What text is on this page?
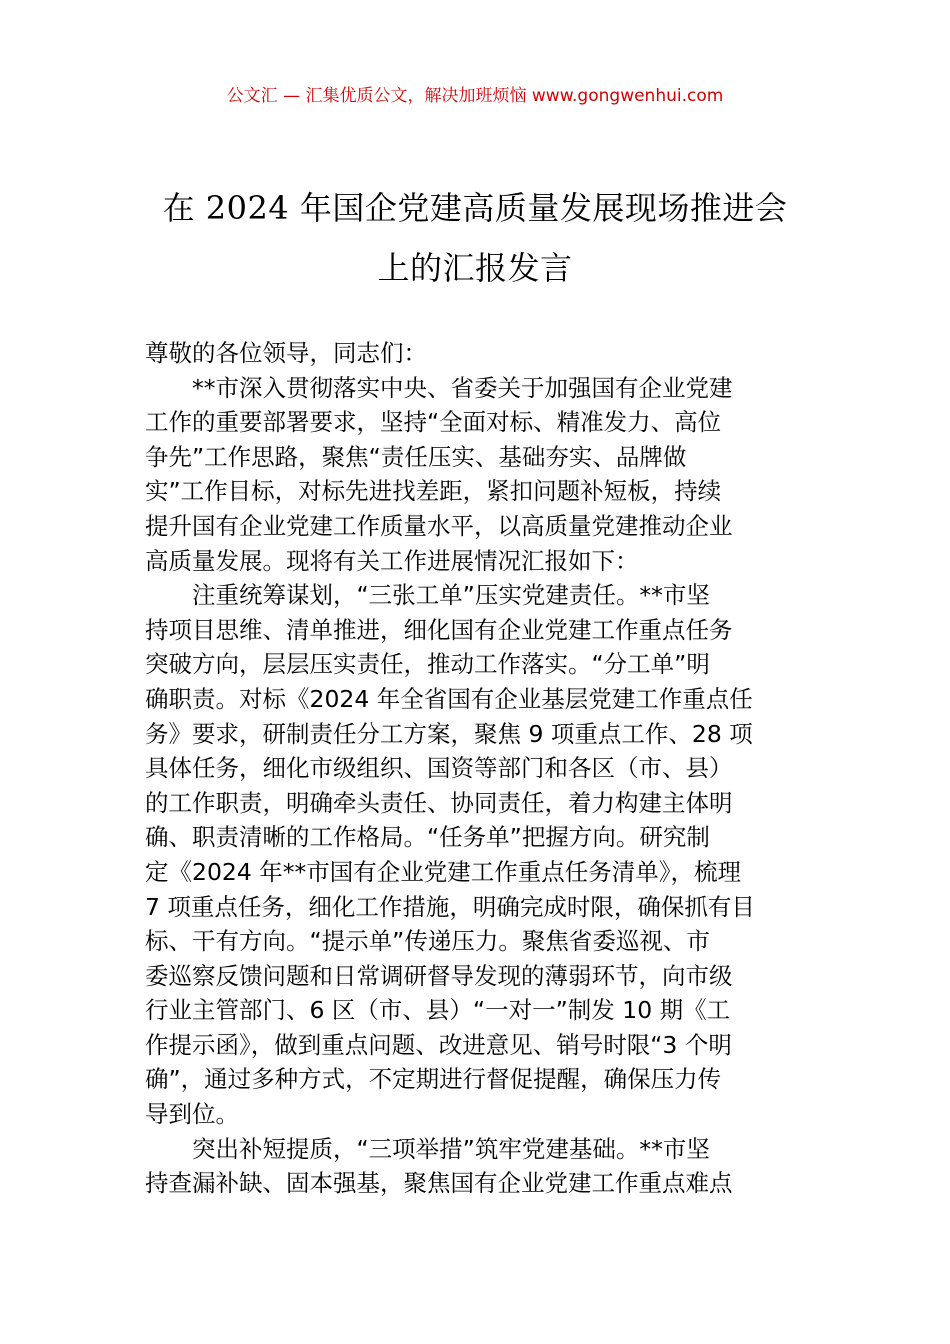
公文汇 — 汇集优质公文，解决加班烦恼 www.gongwenhui.com
在 2024 年国企党建高质量发展现场推进会
上的汇报发言
尊敬的各位领导，同志们：
**市深入贯彻落实中央、省委关于加强国有企业党建
工作的重要部署要求，坚持“全面对标、精准发力、高位
争先”工作思路，聚焦“责任压实、基础夯实、品牌做
实”工作目标，对标先进找差距，紧扣问题补短板，持续
提升国有企业党建工作质量水平，以高质量党建推动企业
高质量发展。现将有关工作进展情况汇报如下：
注重统筹谋划，“三张工单”压实党建责任。**市坚
持项目思维、清单推进，细化国有企业党建工作重点任务
突破方向，层层压实责任，推动工作落实。“分工单”明
确职责。对标《2024 年全省国有企业基层党建工作重点任
务》要求，研制责任分工方案，聚焦 9 项重点工作、28 项
具体任务，细化市级组织、国资等部门和各区（市、县）
的工作职责，明确牵头责任、协同责任，着力构建主体明
确、职责清晰的工作格局。“任务单”把握方向。研究制
定《2024 年**市国有企业党建工作重点任务清单》，梳理
7 项重点任务，细化工作措施，明确完成时限，确保抓有目
标、干有方向。“提示单”传递压力。聚焦省委巡视、市
委巡察反馈问题和日常调研督导发现的薄弱环节，向市级
行业主管部门、6 区（市、县）“一对一”制发 10 期《工
作提示函》，做到重点问题、改进意见、销号时限“3 个明
确”，通过多种方式，不定期进行督促提醒，确保压力传
导到位。
突出补短提质，“三项举措”筑牢党建基础。**市坚
持查漏补缺、固本强基，聚焦国有企业党建工作重点难点
